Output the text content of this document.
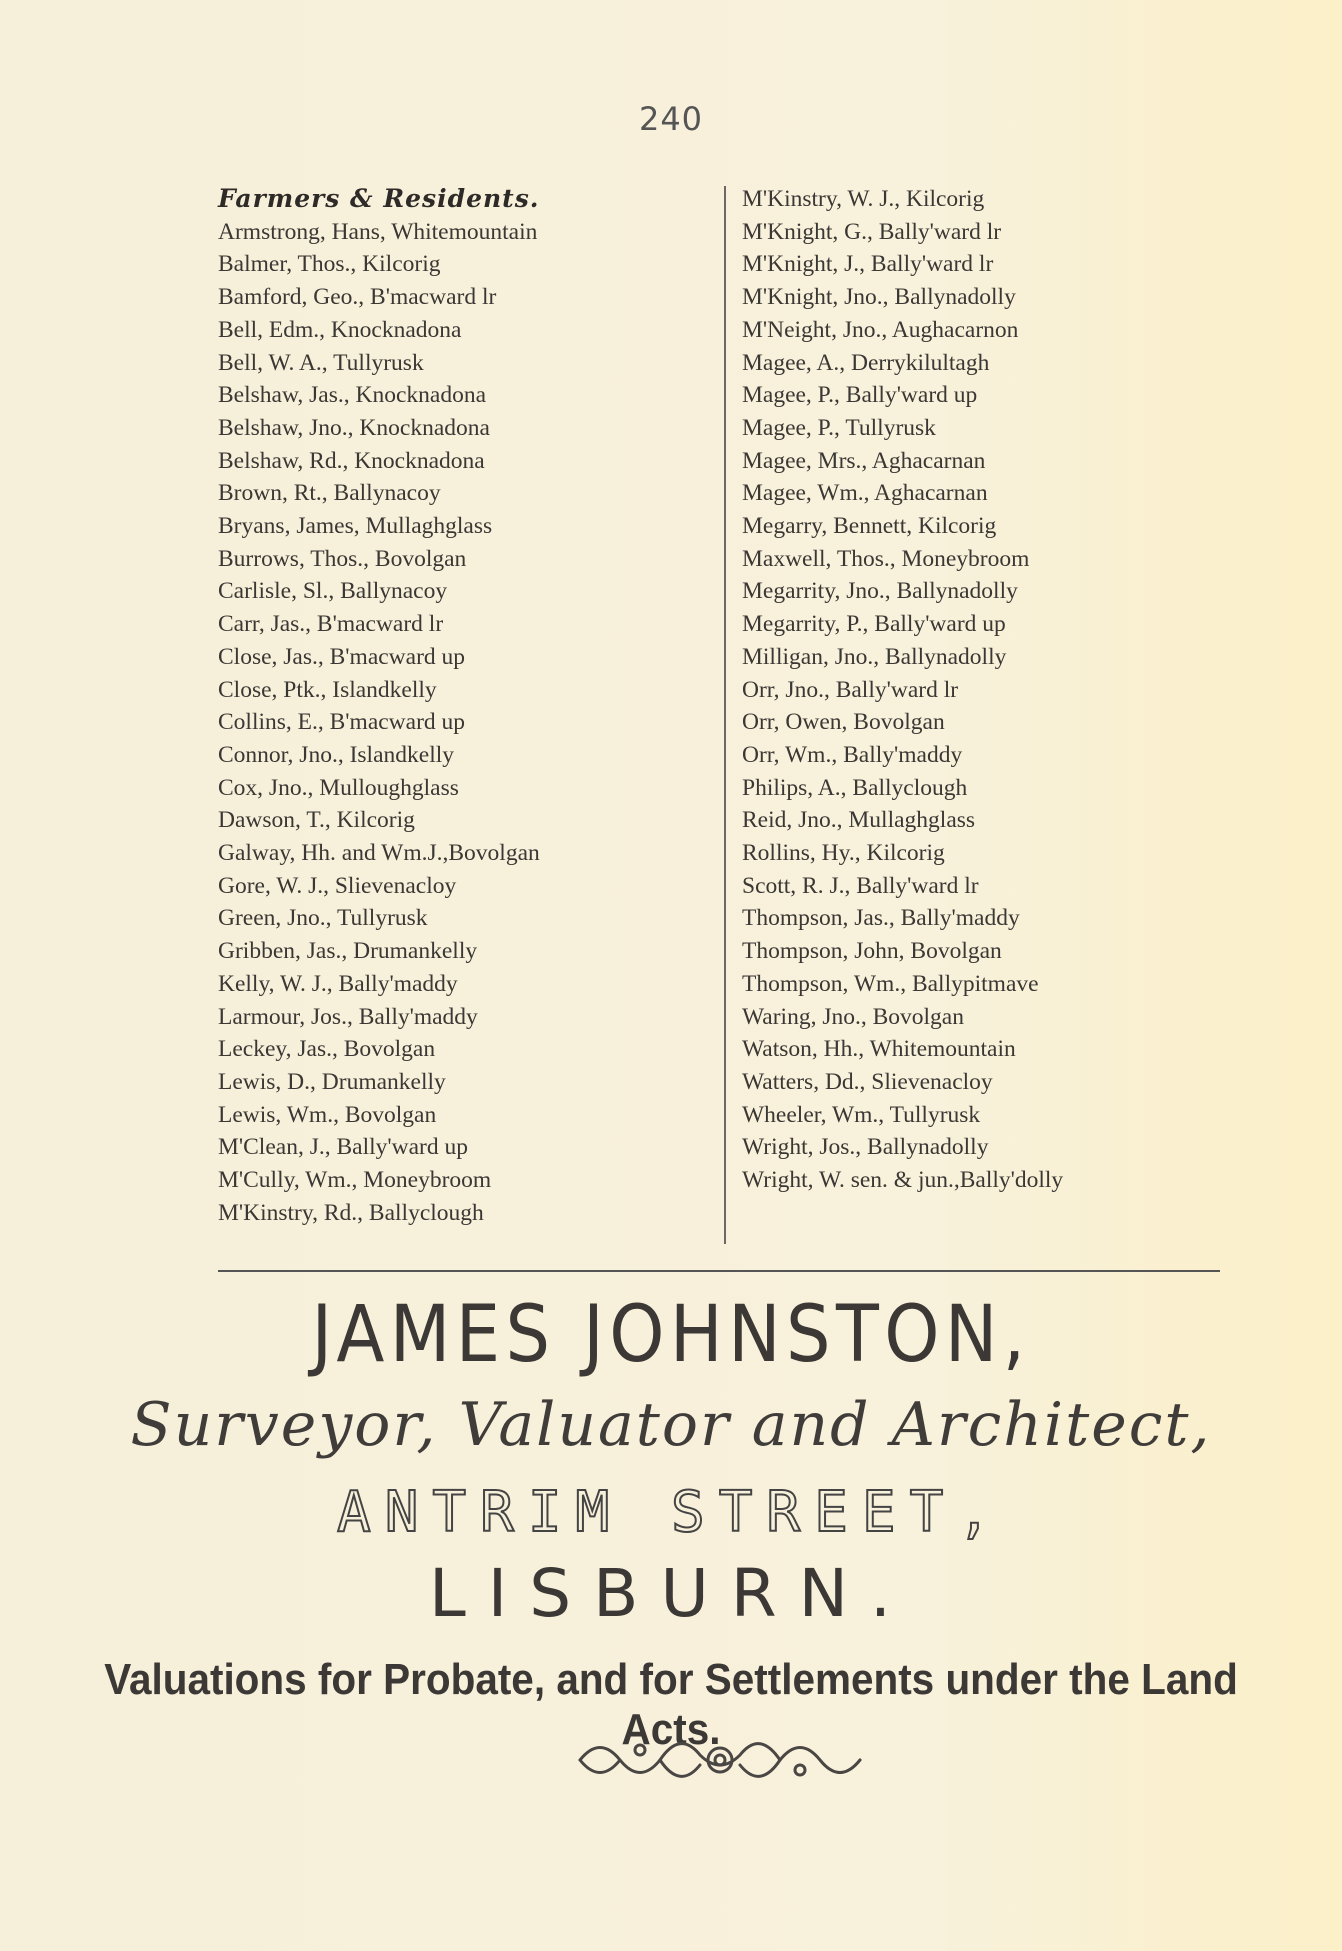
240
Farmers & Residents.
Armstrong, Hans, Whitemountain
Balmer, Thos., Kilcorig
Bamford, Geo., B'macward lr
Bell, Edm., Knocknadona
Bell, W. A., Tullyrusk
Belshaw, Jas., Knocknadona
Belshaw, Jno., Knocknadona
Belshaw, Rd., Knocknadona
Brown, Rt., Ballynacoy
Bryans, James, Mullaghglass
Burrows, Thos., Bovolgan
Carlisle, Sl., Ballynacoy
Carr, Jas., B'macward lr
Close, Jas., B'macward up
Close, Ptk., Islandkelly
Collins, E., B'macward up
Connor, Jno., Islandkelly
Cox, Jno., Mulloughglass
Dawson, T., Kilcorig
Galway, Hh. and Wm.J.,Bovolgan
Gore, W. J., Slievenacloy
Green, Jno., Tullyrusk
Gribben, Jas., Drumankelly
Kelly, W. J., Bally'maddy
Larmour, Jos., Bally'maddy
Leckey, Jas., Bovolgan
Lewis, D., Drumankelly
Lewis, Wm., Bovolgan
M'Clean, J., Bally'ward up
M'Cully, Wm., Moneybroom
M'Kinstry, Rd., Ballyclough
M'Kinstry, W. J., Kilcorig
M'Knight, G., Bally'ward lr
M'Knight, J., Bally'ward lr
M'Knight, Jno., Ballynadolly
M'Neight, Jno., Aughacarnon
Magee, A., Derrykilultagh
Magee, P., Bally'ward up
Magee, P., Tullyrusk
Magee, Mrs., Aghacarnan
Magee, Wm., Aghacarnan
Megarry, Bennett, Kilcorig
Maxwell, Thos., Moneybroom
Megarrity, Jno., Ballynadolly
Megarrity, P., Bally'ward up
Milligan, Jno., Ballynadolly
Orr, Jno., Bally'ward lr
Orr, Owen, Bovolgan
Orr, Wm., Bally'maddy
Philips, A., Ballyclough
Reid, Jno., Mullaghglass
Rollins, Hy., Kilcorig
Scott, R. J., Bally'ward lr
Thompson, Jas., Bally'maddy
Thompson, John, Bovolgan
Thompson, Wm., Ballypitmave
Waring, Jno., Bovolgan
Watson, Hh., Whitemountain
Watters, Dd., Slievenacloy
Wheeler, Wm., Tullyrusk
Wright, Jos., Ballynadolly
Wright, W. sen. & jun.,Bally'dolly
JAMES JOHNSTON,
Surveyor, Valuator and Architect,
ANTRIM STREET,
LISBURN.
Valuations for Probate, and for Settlements under the Land Acts.
